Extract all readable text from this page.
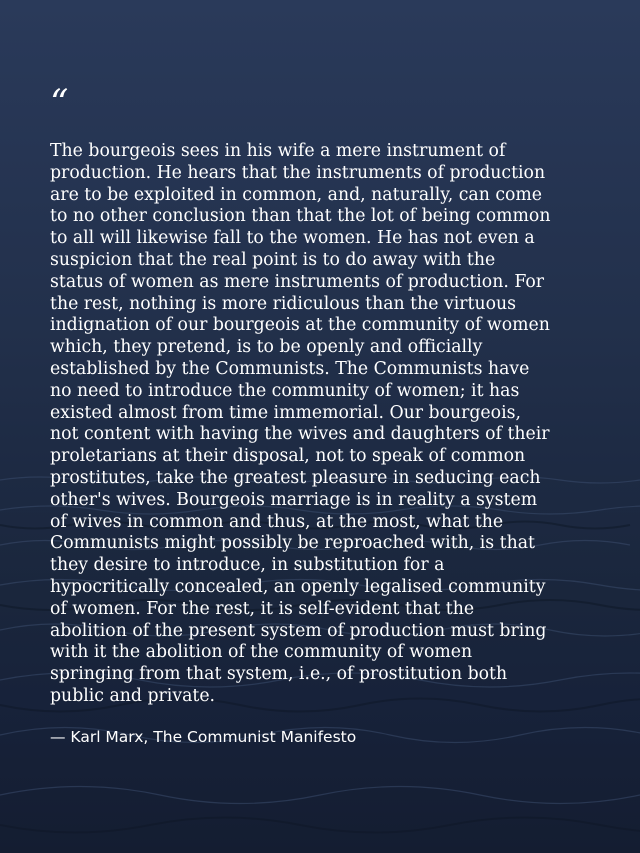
“

The bourgeois sees in his wife a mere instrument of
production. He hears that the instruments of production
are to be exploited in common, and, naturally, can come
to no other conclusion than that the lot of being common
to all will likewise fall to the women. He has not even a
suspicion that the real point is to do away with the
status of women as mere instruments of production. For
the rest, nothing is more ridiculous than the virtuous
indignation of our bourgeois at the community of women
which, they pretend, is to be openly and officially
established by the Communists. The Communists have
no need to introduce the community of women; it has
existed almost from time immemorial. Our bourgeois,
not content with having the wives and daughters of their
proletarians at their disposal, not to speak of common
prostitutes, take the greatest pleasure in seducing each
other's wives. Bourgeois marriage is in reality a system
of wives in common and thus, at the most, what the
Communists might possibly be reproached with, is that
they desire to introduce, in substitution for a
hypocritically concealed, an openly legalised community
of women. For the rest, it is self-evident that the
abolition of the present system of production must bring
with it the abolition of the community of women
springing from that system, i.e., of prostitution both
public and private.

— Karl Marx, The Communist Manifesto
